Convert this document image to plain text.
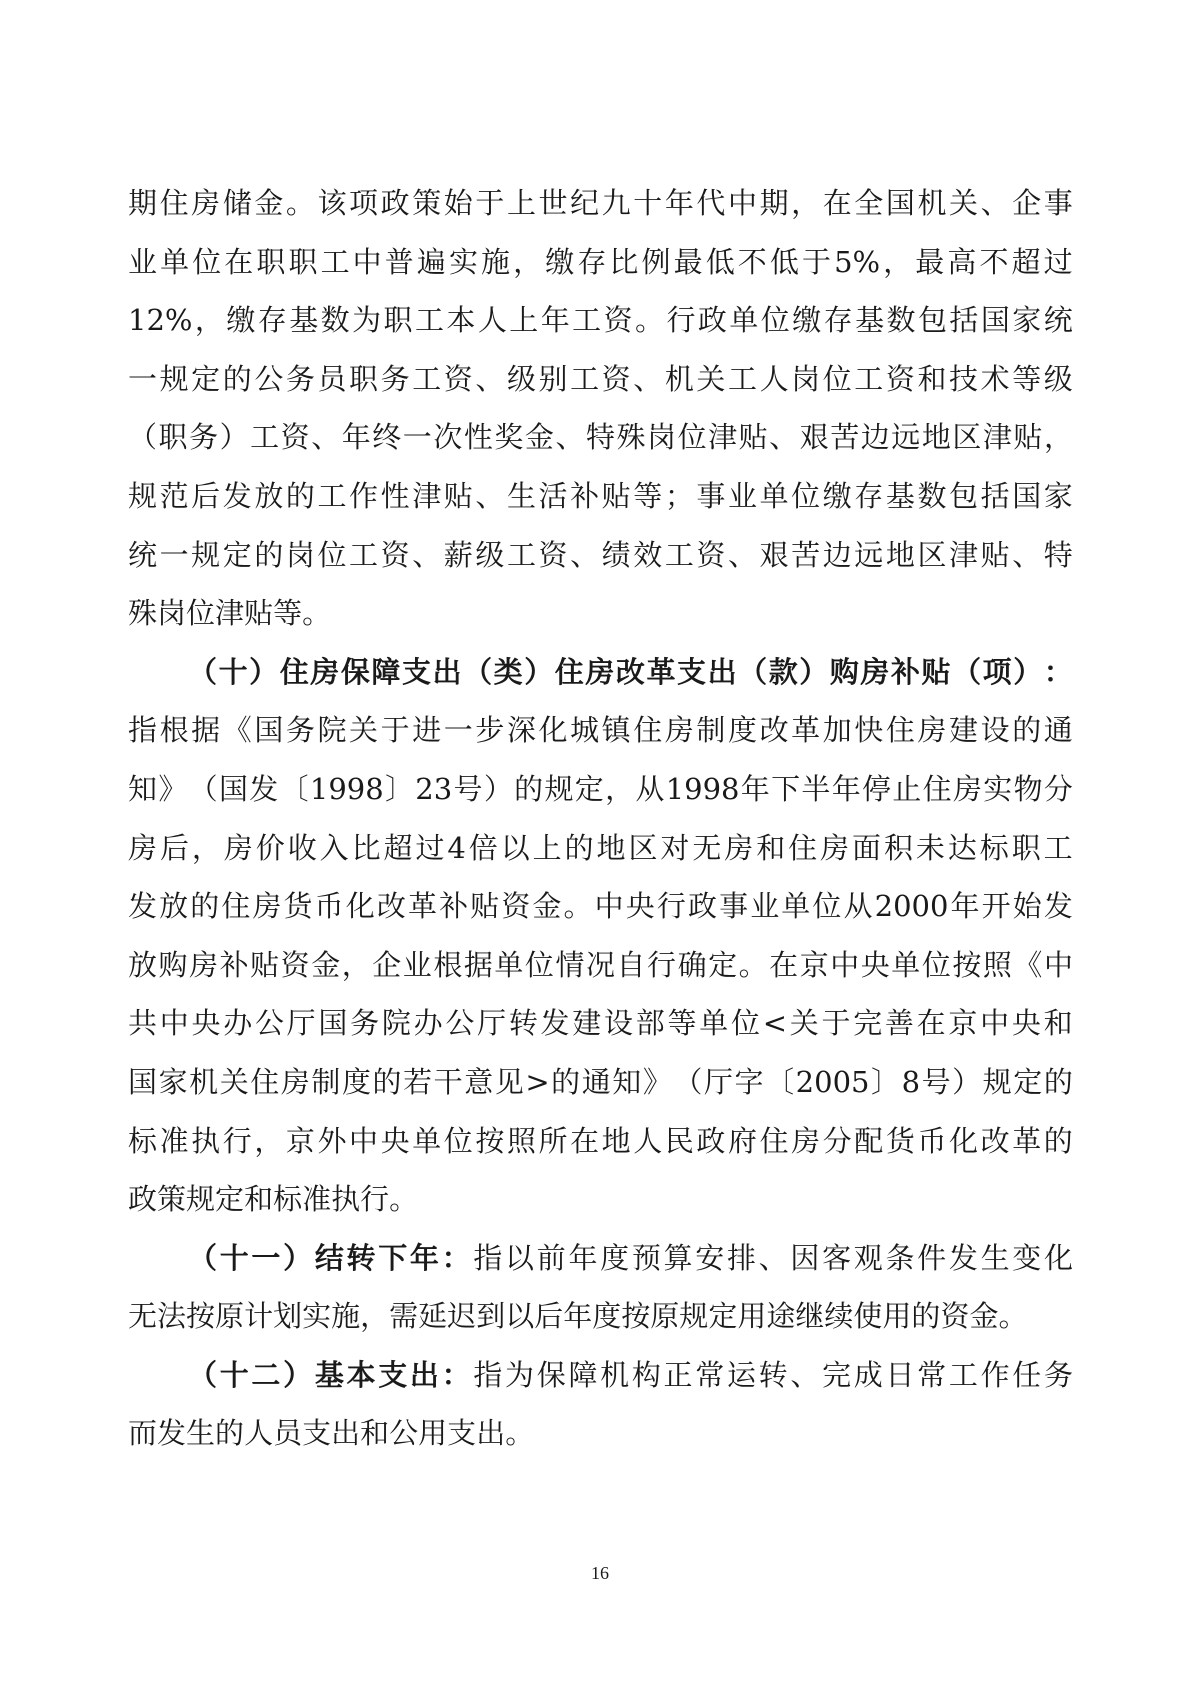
期 住 房 储 金 。 该 项 政 策 始 于 上 世 纪 九 十 年 代 中 期 ， 在 全 国 机 关 、 企 事
业 单 位 在 职 职 工 中 普 遍 实 施 ， 缴 存 比 例 最 低 不 低 于 5% ， 最 高 不 超 过
12% ， 缴 存 基 数 为 职 工 本 人 上 年 工 资 。 行 政 单 位 缴 存 基 数 包 括 国 家 统
一 规 定 的 公 务 员 职 务 工 资 、 级 别 工 资 、 机 关 工 人 岗 位 工 资 和 技 术 等 级
（ 职 务 ） 工 资 、 年 终 一 次 性 奖 金 、 特 殊 岗 位 津 贴 、 艰 苦 边 远 地 区 津 贴 ，
规 范 后 发 放 的 工 作 性 津 贴 、 生 活 补 贴 等 ； 事 业 单 位 缴 存 基 数 包 括 国 家
统 一 规 定 的 岗 位 工 资 、 薪 级 工 资 、 绩 效 工 资 、 艰 苦 边 远 地 区 津 贴 、 特
殊 岗 位 津 贴 等 。
（ 十 ） 住 房 保 障 支 出 （ 类 ） 住 房 改 革 支 出 （ 款 ） 购 房 补 贴 （ 项 ） ：
指 根 据 《 国 务 院 关 于 进 一 步 深 化 城 镇 住 房 制 度 改 革 加 快 住 房 建 设 的 通
知 》 （ 国 发 〔 1998 〕 23 号 ） 的 规 定 ， 从 1998 年 下 半 年 停 止 住 房 实 物 分
房 后 ， 房 价 收 入 比 超 过 4 倍 以 上 的 地 区 对 无 房 和 住 房 面 积 未 达 标 职 工
发 放 的 住 房 货 币 化 改 革 补 贴 资 金 。 中 央 行 政 事 业 单 位 从 2000 年 开 始 发
放 购 房 补 贴 资 金 ， 企 业 根 据 单 位 情 况 自 行 确 定 。 在 京 中 央 单 位 按 照 《 中
共 中 央 办 公 厅 国 务 院 办 公 厅 转 发 建 设 部 等 单 位 < 关 于 完 善 在 京 中 央 和
国 家 机 关 住 房 制 度 的 若 干 意 见 > 的 通 知 》 （ 厅 字 〔 2005 〕 8 号 ） 规 定 的
标 准 执 行 ， 京 外 中 央 单 位 按 照 所 在 地 人 民 政 府 住 房 分 配 货 币 化 改 革 的
政 策 规 定 和 标 准 执 行 。
（ 十 一 ） 结 转 下 年 ： 指 以 前 年 度 预 算 安 排 、 因 客 观 条 件 发 生 变 化
无 法 按 原 计 划 实 施 ， 需 延 迟 到 以 后 年 度 按 原 规 定 用 途 继 续 使 用 的 资 金 。
（ 十 二 ） 基 本 支 出 ： 指 为 保 障 机 构 正 常 运 转 、 完 成 日 常 工 作 任 务
而 发 生 的 人 员 支 出 和 公 用 支 出 。
16
